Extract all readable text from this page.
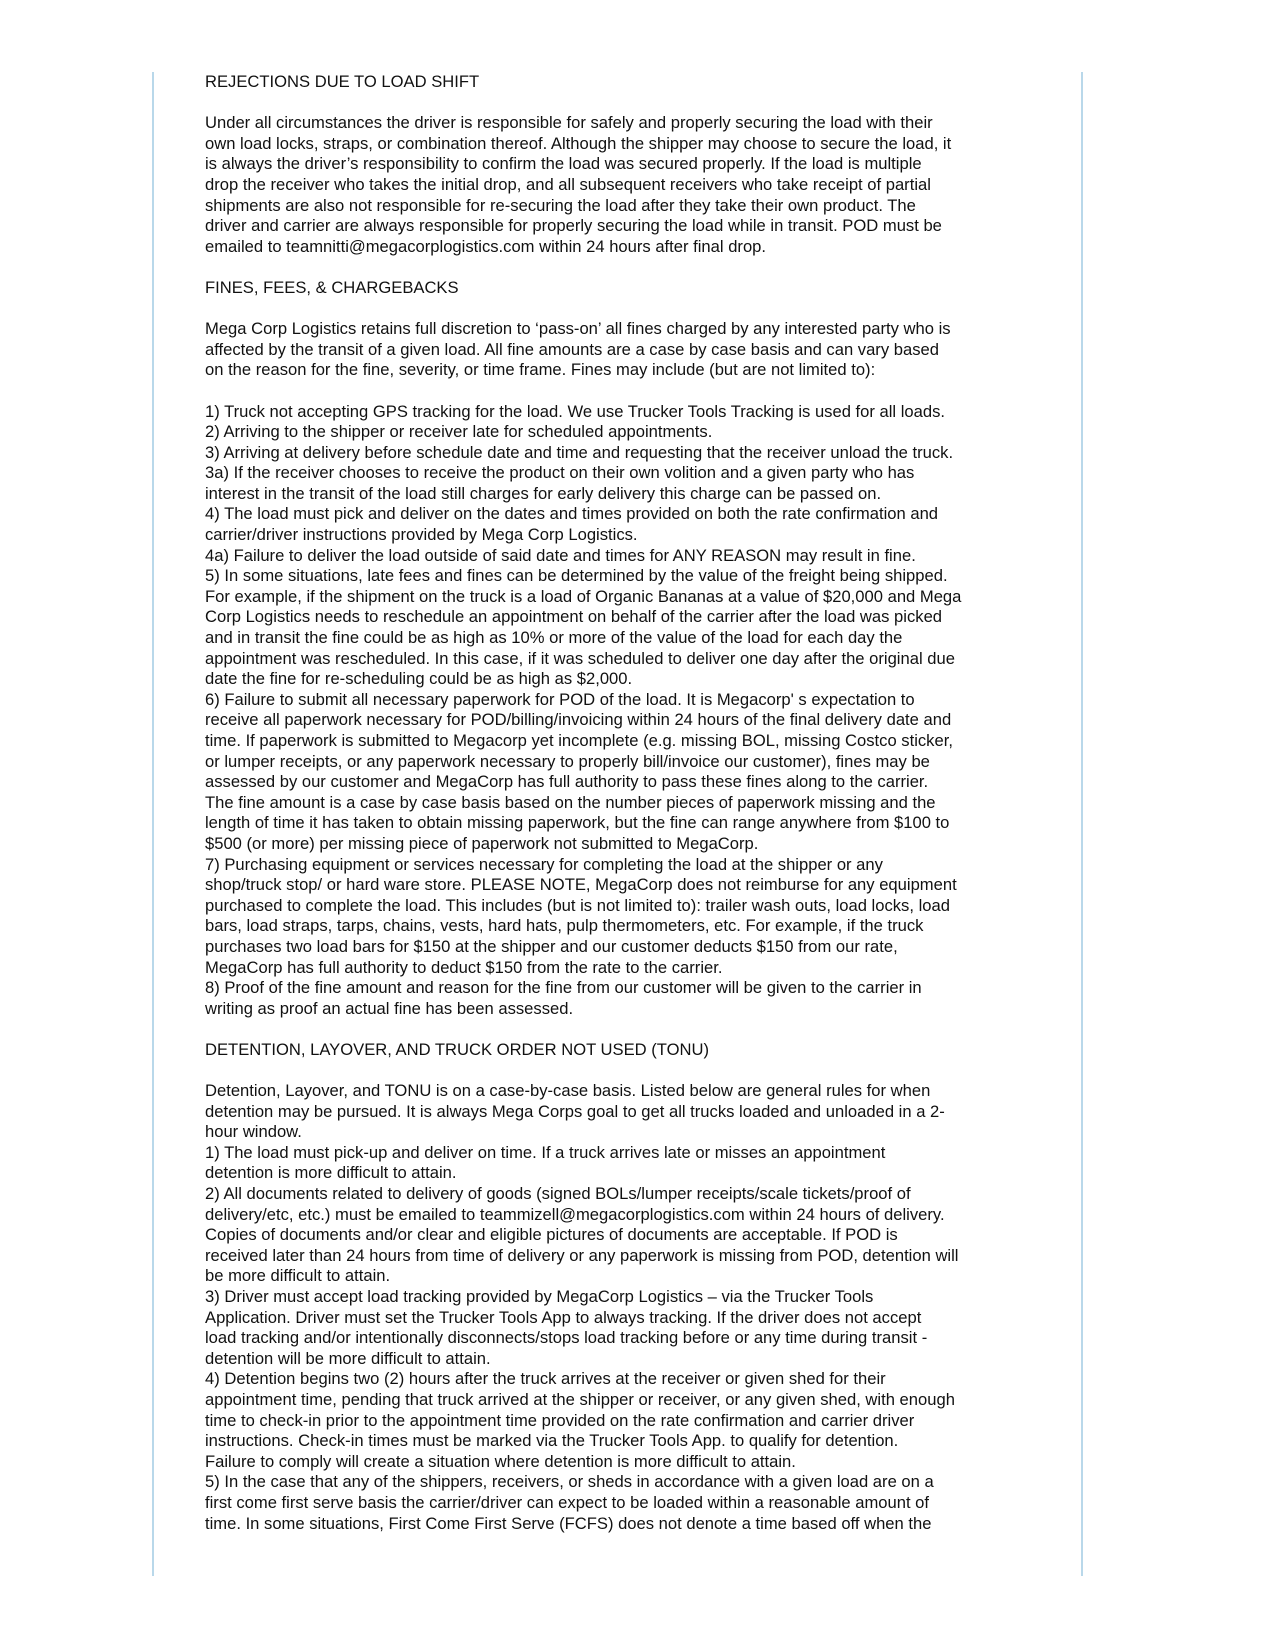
REJECTIONS DUE TO LOAD SHIFT

Under all circumstances the driver is responsible for safely and properly securing the load with their
own load locks, straps, or combination thereof. Although the shipper may choose to secure the load, it
is always the driver’s responsibility to confirm the load was secured properly. If the load is multiple
drop the receiver who takes the initial drop, and all subsequent receivers who take receipt of partial
shipments are also not responsible for re-securing the load after they take their own product. The
driver and carrier are always responsible for properly securing the load while in transit. POD must be
emailed to teamnitti@megacorplogistics.com within 24 hours after final drop.

FINES, FEES, & CHARGEBACKS

Mega Corp Logistics retains full discretion to ‘pass-on’ all fines charged by any interested party who is
affected by the transit of a given load. All fine amounts are a case by case basis and can vary based
on the reason for the fine, severity, or time frame. Fines may include (but are not limited to):

1) Truck not accepting GPS tracking for the load. We use Trucker Tools Tracking is used for all loads.

2) Arriving to the shipper or receiver late for scheduled appointments.

3) Arriving at delivery before schedule date and time and requesting that the receiver unload the truck.

3a) If the receiver chooses to receive the product on their own volition and a given party who has
interest in the transit of the load still charges for early delivery this charge can be passed on.

4) The load must pick and deliver on the dates and times provided on both the rate confirmation and
carrier/driver instructions provided by Mega Corp Logistics.

4a) Failure to deliver the load outside of said date and times for ANY REASON may result in fine.

5) In some situations, late fees and fines can be determined by the value of the freight being shipped.
For example, if the shipment on the truck is a load of Organic Bananas at a value of $20,000 and Mega
Corp Logistics needs to reschedule an appointment on behalf of the carrier after the load was picked
and in transit the fine could be as high as 10% or more of the value of the load for each day the
appointment was rescheduled. In this case, if it was scheduled to deliver one day after the original due
date the fine for re-scheduling could be as high as $2,000.

6) Failure to submit all necessary paperwork for POD of the load. It is Megacorp' s expectation to
receive all paperwork necessary for POD/billing/invoicing within 24 hours of the final delivery date and
time. If paperwork is submitted to Megacorp yet incomplete (e.g. missing BOL, missing Costco sticker,
or lumper receipts, or any paperwork necessary to properly bill/invoice our customer), fines may be
assessed by our customer and MegaCorp has full authority to pass these fines along to the carrier.
The fine amount is a case by case basis based on the number pieces of paperwork missing and the
length of time it has taken to obtain missing paperwork, but the fine can range anywhere from $100 to
$500 (or more) per missing piece of paperwork not submitted to MegaCorp.

7) Purchasing equipment or services necessary for completing the load at the shipper or any
shop/truck stop/ or hard ware store. PLEASE NOTE, MegaCorp does not reimburse for any equipment
purchased to complete the load. This includes (but is not limited to): trailer wash outs, load locks, load
bars, load straps, tarps, chains, vests, hard hats, pulp thermometers, etc. For example, if the truck
purchases two load bars for $150 at the shipper and our customer deducts $150 from our rate,
MegaCorp has full authority to deduct $150 from the rate to the carrier.

8) Proof of the fine amount and reason for the fine from our customer will be given to the carrier in
writing as proof an actual fine has been assessed.

DETENTION, LAYOVER, AND TRUCK ORDER NOT USED (TONU)

Detention, Layover, and TONU is on a case-by-case basis. Listed below are general rules for when
detention may be pursued. It is always Mega Corps goal to get all trucks loaded and unloaded in a 2-
hour window.

1) The load must pick-up and deliver on time. If a truck arrives late or misses an appointment
detention is more difficult to attain.

2) All documents related to delivery of goods (signed BOLs/lumper receipts/scale tickets/proof of
delivery/etc, etc.) must be emailed to teammizell@megacorplogistics.com within 24 hours of delivery.
Copies of documents and/or clear and eligible pictures of documents are acceptable. If POD is
received later than 24 hours from time of delivery or any paperwork is missing from POD, detention will
be more difficult to attain.

3) Driver must accept load tracking provided by MegaCorp Logistics – via the Trucker Tools
Application. Driver must set the Trucker Tools App to always tracking. If the driver does not accept
load tracking and/or intentionally disconnects/stops load tracking before or any time during transit -
detention will be more difficult to attain.

4) Detention begins two (2) hours after the truck arrives at the receiver or given shed for their
appointment time, pending that truck arrived at the shipper or receiver, or any given shed, with enough
time to check-in prior to the appointment time provided on the rate confirmation and carrier driver
instructions. Check-in times must be marked via the Trucker Tools App. to qualify for detention.
Failure to comply will create a situation where detention is more difficult to attain.

5) In the case that any of the shippers, receivers, or sheds in accordance with a given load are on a
first come first serve basis the carrier/driver can expect to be loaded within a reasonable amount of
time. In some situations, First Come First Serve (FCFS) does not denote a time based off when the
